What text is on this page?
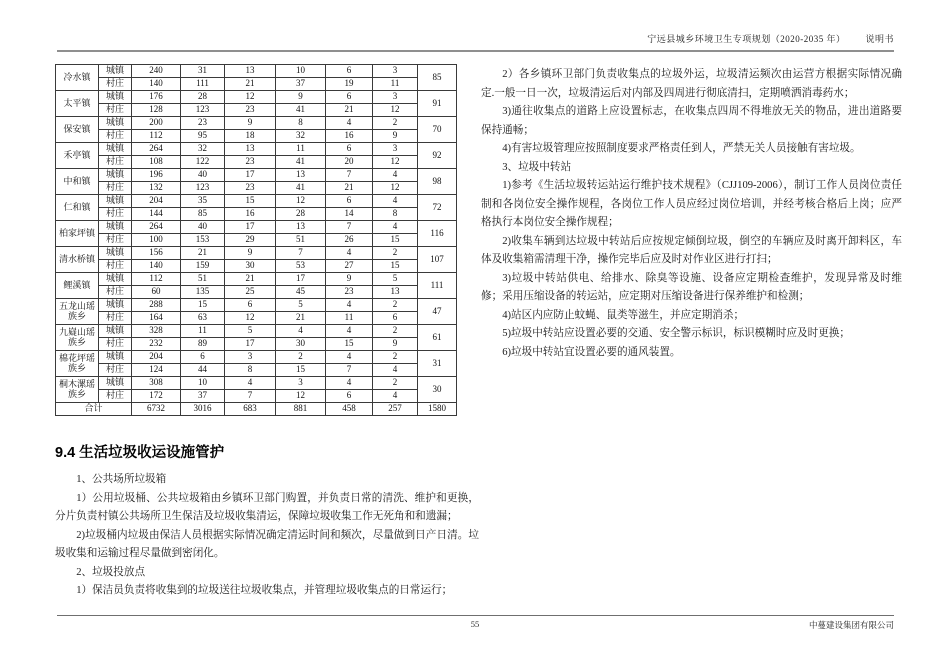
宁远县城乡环境卫生专项规划（2020-2035 年） 说明书
冷水镇	城镇	240	31	13	10	6	3	85
	村庄	140	111	21	37	19	11	
太平镇	城镇	176	28	12	9	6	3	91
	村庄	128	123	23	41	21	12	
保安镇	城镇	200	23	9	8	4	2	70
	村庄	112	95	18	32	16	9	
禾亭镇	城镇	264	32	13	11	6	3	92
	村庄	108	122	23	41	20	12	
中和镇	城镇	196	40	17	13	7	4	98
	村庄	132	123	23	41	21	12	
仁和镇	城镇	204	35	15	12	6	4	72
	村庄	144	85	16	28	14	8	
柏家坪镇	城镇	264	40	17	13	7	4	116
	村庄	100	153	29	51	26	15	
清水桥镇	城镇	156	21	9	7	4	2	107
	村庄	140	159	30	53	27	15	
鲤溪镇	城镇	112	51	21	17	9	5	111
	村庄	60	135	25	45	23	13	
五龙山瑶族乡	城镇	288	15	6	5	4	2	47
	村庄	164	63	12	21	11	6	
九嶷山瑶族乡	城镇	328	11	5	4	4	2	61
	村庄	232	89	17	30	15	9	
棉花坪瑶族乡	城镇	204	6	3	2	4	2	31
	村庄	124	44	8	15	7	4	
桐木漯瑶族乡	城镇	308	10	4	3	4	2	30
	村庄	172	37	7	12	6	4	
合计		6732	3016	683	881	458	257	1580
9.4 生活垃圾收运设施管护

1、公共场所垃圾箱

1）公用垃圾桶、公共垃圾箱由乡镇环卫部门购置，并负责日常的清洗、维护和更换，分片负责村镇公共场所卫生保洁及垃圾收集清运，保障垃圾收集工作无死角和和遗漏；

2)垃圾桶内垃圾由保洁人员根据实际情况确定清运时间和频次，尽量做到日产日清。垃圾收集和运输过程尽量做到密闭化。

2、垃圾投放点

1）保洁员负责将收集到的垃圾送往垃圾收集点，并管理垃圾收集点的日常运行；

2）各乡镇环卫部门负责收集点的垃圾外运，垃圾清运频次由运营方根据实际情况确定.一般一日一次，垃圾清运后对内部及四周进行彻底清扫，定期喷洒消毒药水；

3)通往收集点的道路上应设置标志，在收集点四周不得堆放无关的物品，进出道路要保持通畅；

4)有害垃圾管理应按照制度要求严格责任到人，严禁无关人员接触有害垃圾。

3、垃圾中转站

1)参考《生活垃圾转运站运行维护技术规程》（CJJ109-2006），制订工作人员岗位责任制和各岗位安全操作规程，各岗位工作人员应经过岗位培训，并经考核合格后上岗；应严格执行本岗位安全操作规程；

2)收集车辆到达垃圾中转站后应按规定倾倒垃圾，倒空的车辆应及时离开卸料区，车体及收集箱需清理干净，操作完毕后应及时对作业区进行打扫；

3)垃圾中转站供电、给排水、除臭等设施、设备应定期检查维护，发现异常及时维修；采用压缩设备的转运站，应定期对压缩设备进行保养维护和检测；

4)站区内应防止蚊蝇、鼠类等滋生，并应定期消杀；

5)垃圾中转站应设置必要的交通、安全警示标识，标识模糊时应及时更换；

6)垃圾中转站宜设置必要的通风装置。

55	中蔓建设集团有限公司
